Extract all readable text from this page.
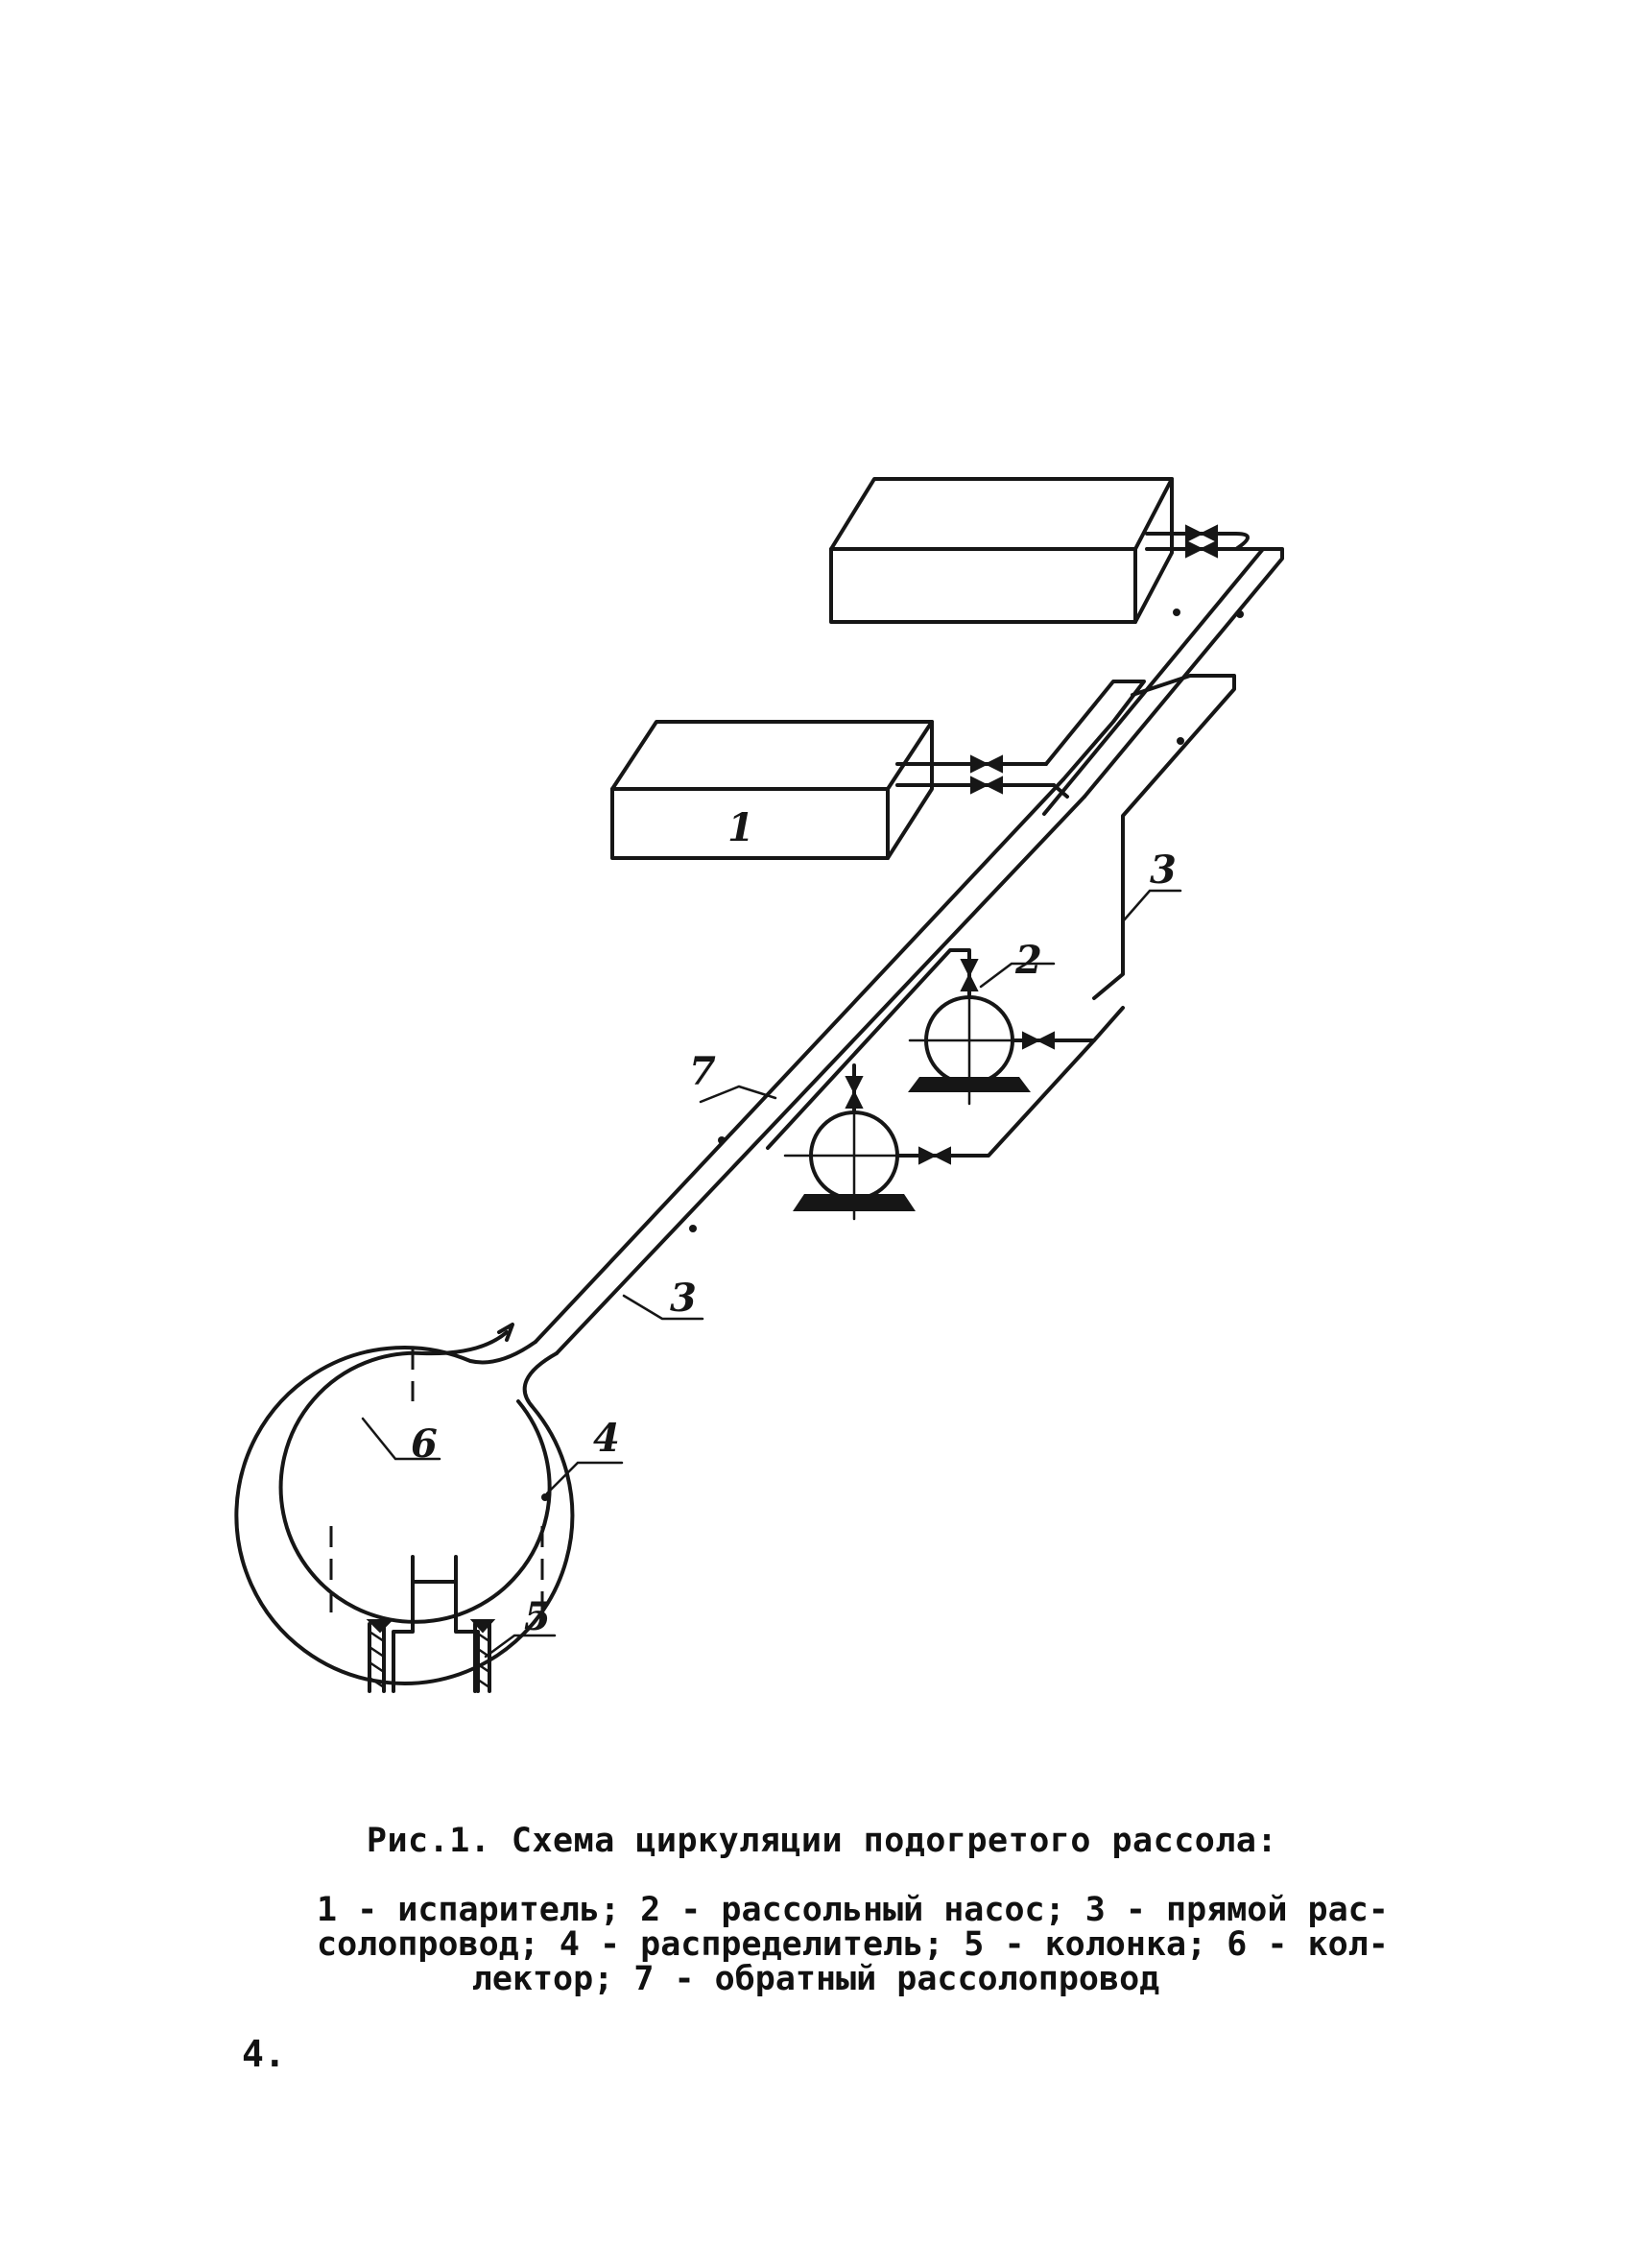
1
2
3
7
3
6	4
5
Рис.1. Схема циркуляции подогретого рассола:
1 - испаритель; 2 - рассольный насос; 3 - прямой рас-
солопровод; 4 - распределитель; 5 - колонка; 6 - кол-
лектор; 7 - обратный рассолопровод
4.
